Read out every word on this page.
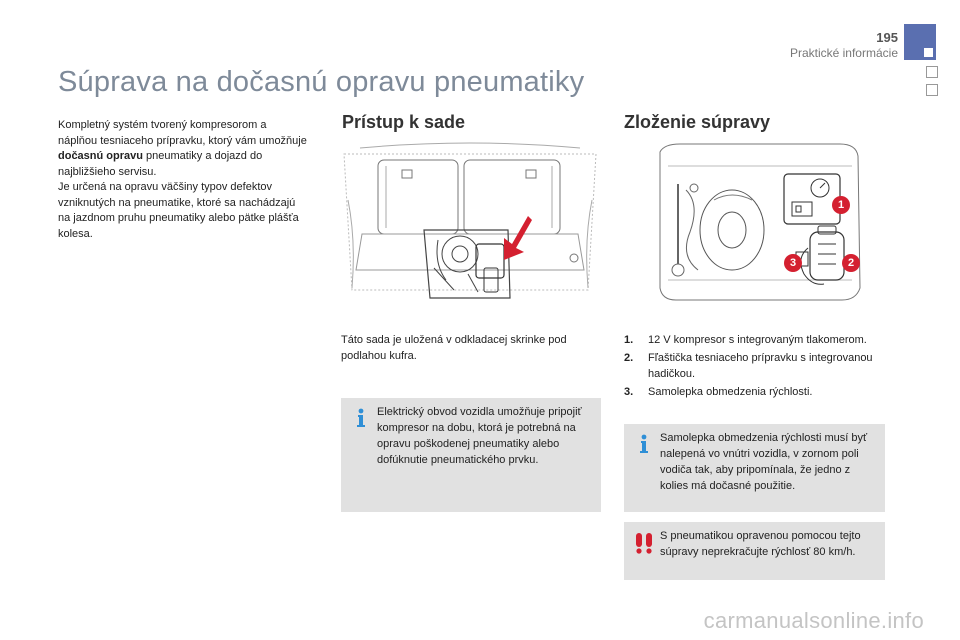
195
Praktické informácie
Súprava na dočasnú opravu pneumatiky

Kompletný systém tvorený kompresorom a náplňou tesniaceho prípravku, ktorý vám umožňuje dočasnú opravu pneumatiky a dojazd do najbližšieho servisu.

Je určená na opravu väčšiny typov defektov vzniknutých na pneumatike, ktoré sa nachádzajú na jazdnom pruhu pneumatiky alebo pätke plášťa kolesa.

Prístup k sade

Táto sada je uložená v odkladacej skrinke pod podlahou kufra.

Elektrický obvod vozidla umožňuje pripojiť kompresor na dobu, ktorá je potrebná na opravu poškodenej pneumatiky alebo dofúknutie pneumatického prvku.

Zloženie súpravy
1
2
3
1.	12 V kompresor s integrovaným tlakomerom.
2.	Fľaštička tesniaceho prípravku s integrovanou hadičkou.
3.	Samolepka obmedzenia rýchlosti.

Samolepka obmedzenia rýchlosti musí byť nalepená vo vnútri vozidla, v zornom poli vodiča tak, aby pripomínala, že jedno z kolies má dočasné použitie.

S pneumatikou opravenou pomocou tejto súpravy neprekračujte rýchlosť 80 km/h.

carmanualsonline.info
